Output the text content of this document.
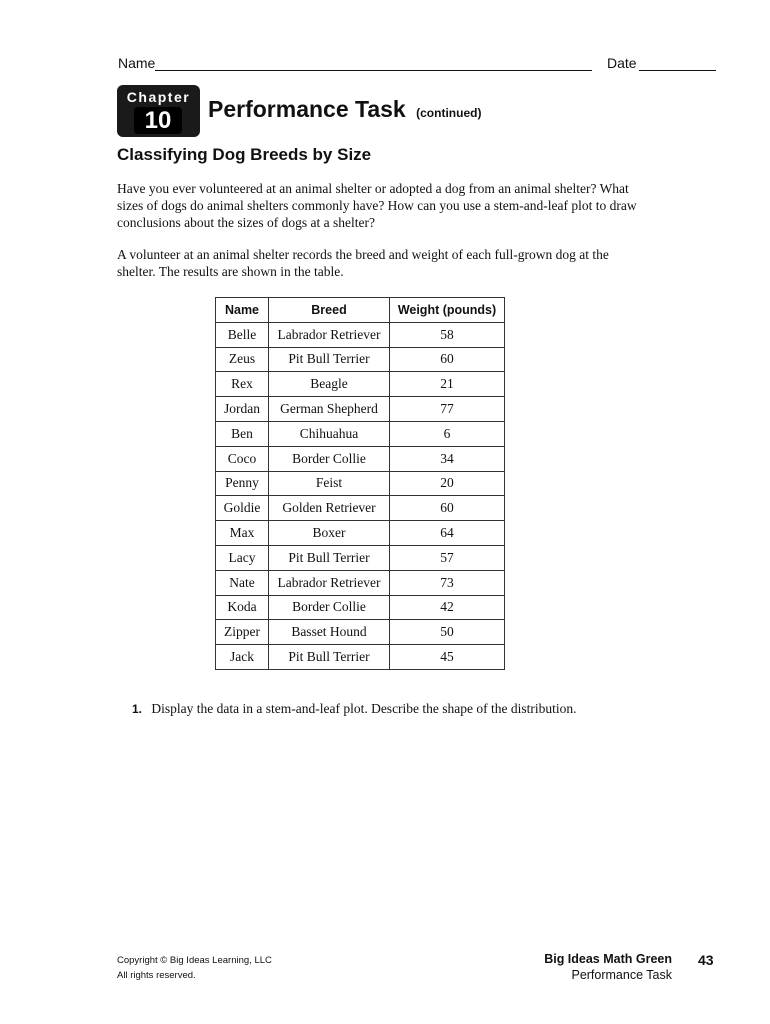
Name	Date
Chapter
10	Performance Task (continued)
Classifying Dog Breeds by Size
Have you ever volunteered at an animal shelter or adopted a dog from an animal shelter? What sizes of dogs do animal shelters commonly have? How can you use a stem-and-leaf plot to draw conclusions about the sizes of dogs at a shelter?
A volunteer at an animal shelter records the breed and weight of each full-grown dog at the shelter. The results are shown in the table.
Name	Breed	Weight (pounds)
Belle	Labrador Retriever	58
Zeus	Pit Bull Terrier	60
Rex	Beagle	21
Jordan	German Shepherd	77
Ben	Chihuahua	6
Coco	Border Collie	34
Penny	Feist	20
Goldie	Golden Retriever	60
Max	Boxer	64
Lacy	Pit Bull Terrier	57
Nate	Labrador Retriever	73
Koda	Border Collie	42
Zipper	Basset Hound	50
Jack	Pit Bull Terrier	45
1. Display the data in a stem-and-leaf plot. Describe the shape of the distribution.
Copyright © Big Ideas Learning, LLC
All rights reserved.
Big Ideas Math Green
Performance Task
43
